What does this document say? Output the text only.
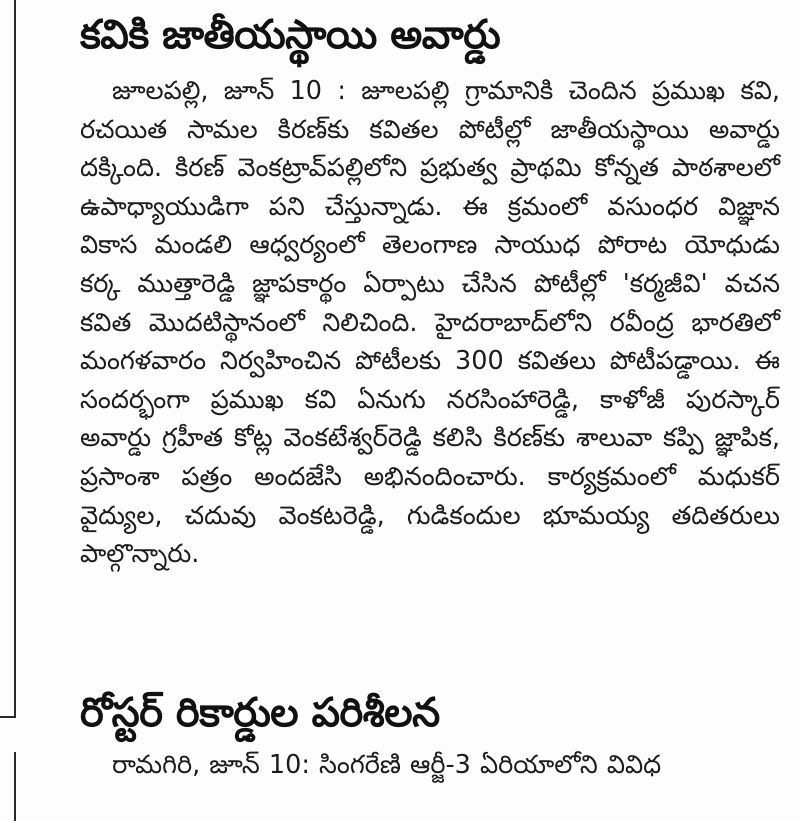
కవికి జాతీయస్థాయి అవార్డు

జూలపల్లి, జూన్ 10 : జూలపల్లి గ్రామానికి చెందిన ప్రముఖ కవి, రచయిత సామల కిరణ్‌కు కవితల పోటీల్లో జాతీయస్థాయి అవార్డు దక్కింది. కిరణ్ వెంకట్రావ్‌పల్లిలోని ప్రభుత్వ ప్రాథమి కోన్నత పాఠశాలలో ఉపాధ్యాయుడిగా పని చేస్తున్నాడు. ఈ క్రమంలో వసుంధర విజ్ఞాన వికాస మండలి ఆధ్వర్యంలో తెలంగాణ సాయుధ పోరాట యోధుడు కర్క ముత్తారెడ్డి జ్ఞాపకార్థం ఏర్పాటు చేసిన పోటీల్లో 'కర్మజీవి' వచన కవిత మొదటిస్థానంలో నిలిచింది. హైదరాబాద్‌లోని రవీంద్ర భారతిలో మంగళవారం నిర్వహించిన పోటీలకు 300 కవితలు పోటీపడ్డాయి. ఈ సందర్భంగా ప్రముఖ కవి ఏనుగు నరసింహారెడ్డి, కాళోజీ పురస్కార్ అవార్డు గ్రహీత కోట్ల వెంకటేశ్వర్‌రెడ్డి కలిసి కిరణ్‌కు శాలువా కప్పి జ్ఞాపిక, ప్రసాంశా పత్రం అందజేసి అభినందించారు. కార్యక్రమంలో మధుకర్ వైద్యుల, చదువు వెంకటరెడ్డి, గుడికందుల భూమయ్య తదితరులు పాల్గొన్నారు.

రోస్టర్ రికార్డుల పరిశీలన

రామగిరి, జూన్ 10: సింగరేణి ఆర్జీ-3 ఏరియాలోని వివిధ
